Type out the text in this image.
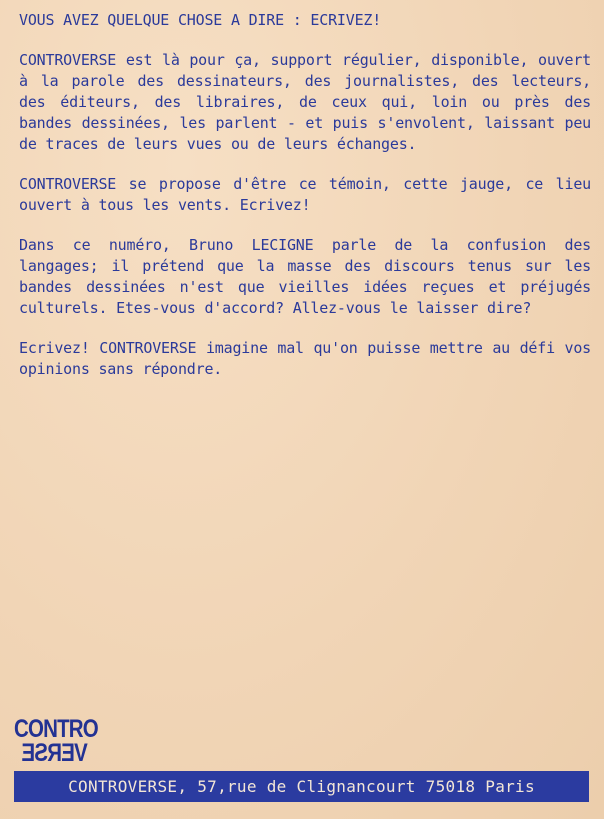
VOUS AVEZ QUELQUE CHOSE A DIRE : ECRIVEZ!

CONTROVERSE est là pour ça, support régulier, disponible, ouvert à la parole des dessinateurs, des journalistes, des lecteurs, des éditeurs, des libraires, de ceux qui, loin ou près des bandes dessinées, les parlent - et puis s'envolent, laissant peu de traces de leurs vues ou de leurs échanges.

CONTROVERSE se propose d'être ce témoin, cette jauge, ce lieu ouvert à tous les vents. Ecrivez!

Dans ce numéro, Bruno LECIGNE parle de la confusion des langages; il prétend que la masse des discours tenus sur les bandes dessinées n'est que vieilles idées reçues et préjugés culturels. Etes-vous d'accord? Allez-vous le laisser dire?

Ecrivez! CONTROVERSE imagine mal qu'on puisse mettre au défi vos opinions sans répondre.

CONTRO
VERSE
CONTROVERSE, 57,rue de Clignancourt 75018 Paris
